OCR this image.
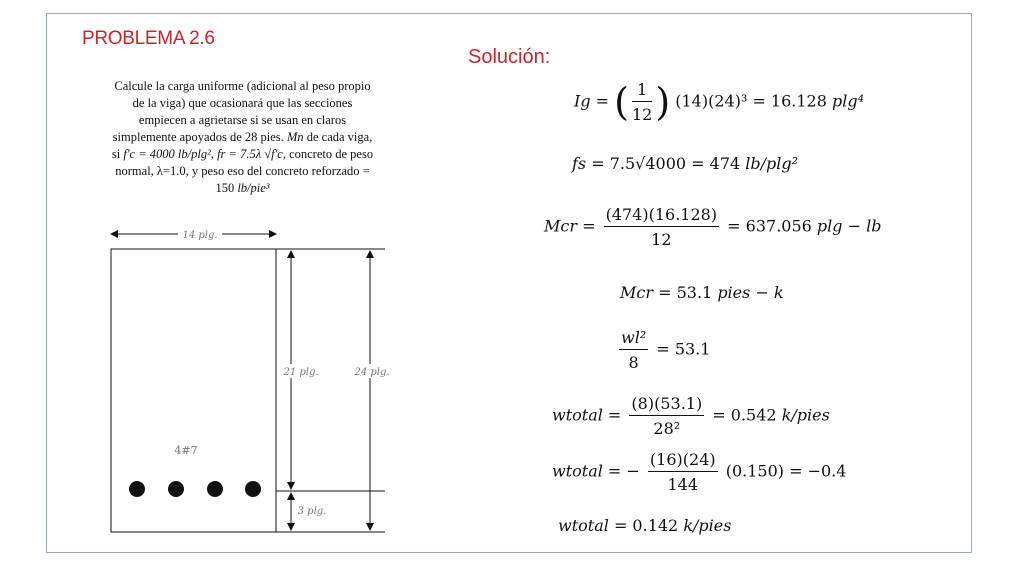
PROBLEMA 2.6
Solución:
Calcule la carga uniforme (adicional al peso propio
de la viga) que ocasionará que las secciones
empiecen a agrietarse si se usan en claros
simplemente apoyados de 28 pies. Mn de cada viga,
si f'c = 4000 lb/plg², fr = 7.5λ √f'c, concreto de peso
normal, λ=1.0, y peso eso del concreto reforzado =
150 lb/pie³
14 plg.
21 plg.
3 plg.
24 plg.
4#7
Ig = ( $\frac{1}{12}$ ) (14)(24)³ = 16.128 plg⁴
fs = 7.5√4000 = 474 lb/plg²
Mcr = $\frac{(474)(16.128)}{12} = 637.056$ plg − lb
Mcr = 53.1 pies − k
$\frac{\text{wl²}}{8} = 53.1$
wtotal = $\frac{(8)(53.1)}{\text{28²}} = 0.542$ k/pies
wtotal = − $\frac{(16)(24)}{144} (0.150) = -0.4$
wtotal = 0.142 k/pies
